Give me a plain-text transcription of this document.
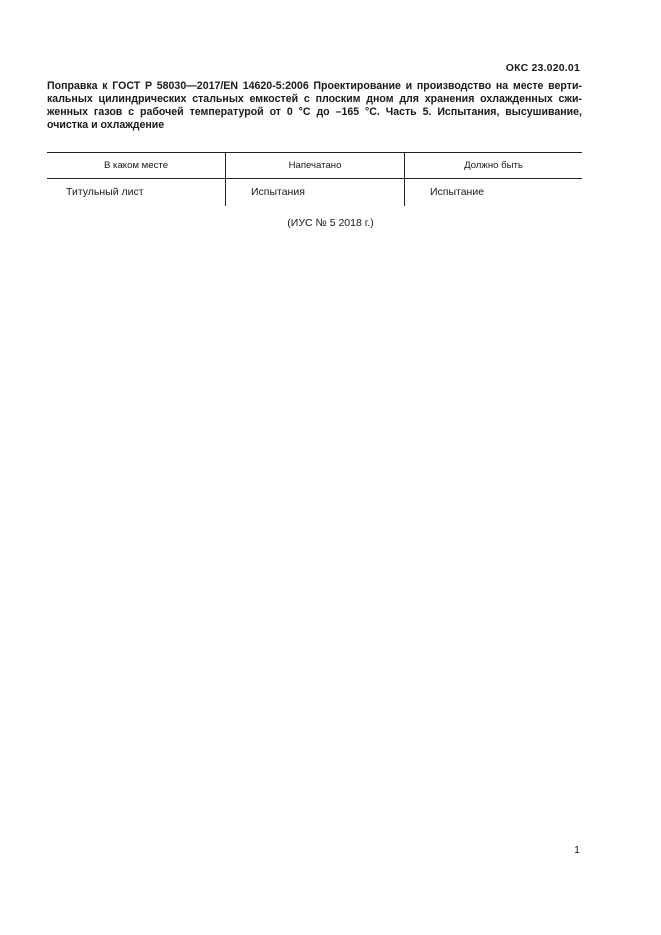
ОКС 23.020.01
Поправка к ГОСТ Р 58030—2017/EN 14620-5:2006 Проектирование и производство на месте вертикальных цилиндрических стальных емкостей с плоским дном для хранения охлажденных сжиженных газов с рабочей температурой от 0 °С до –165 °С. Часть 5. Испытания, высушивание, очистка и охлаждение
В каком месте	Напечатано	Должно быть
Титульный лист	Испытания	Испытание
(ИУС № 5 2018 г.)
1
